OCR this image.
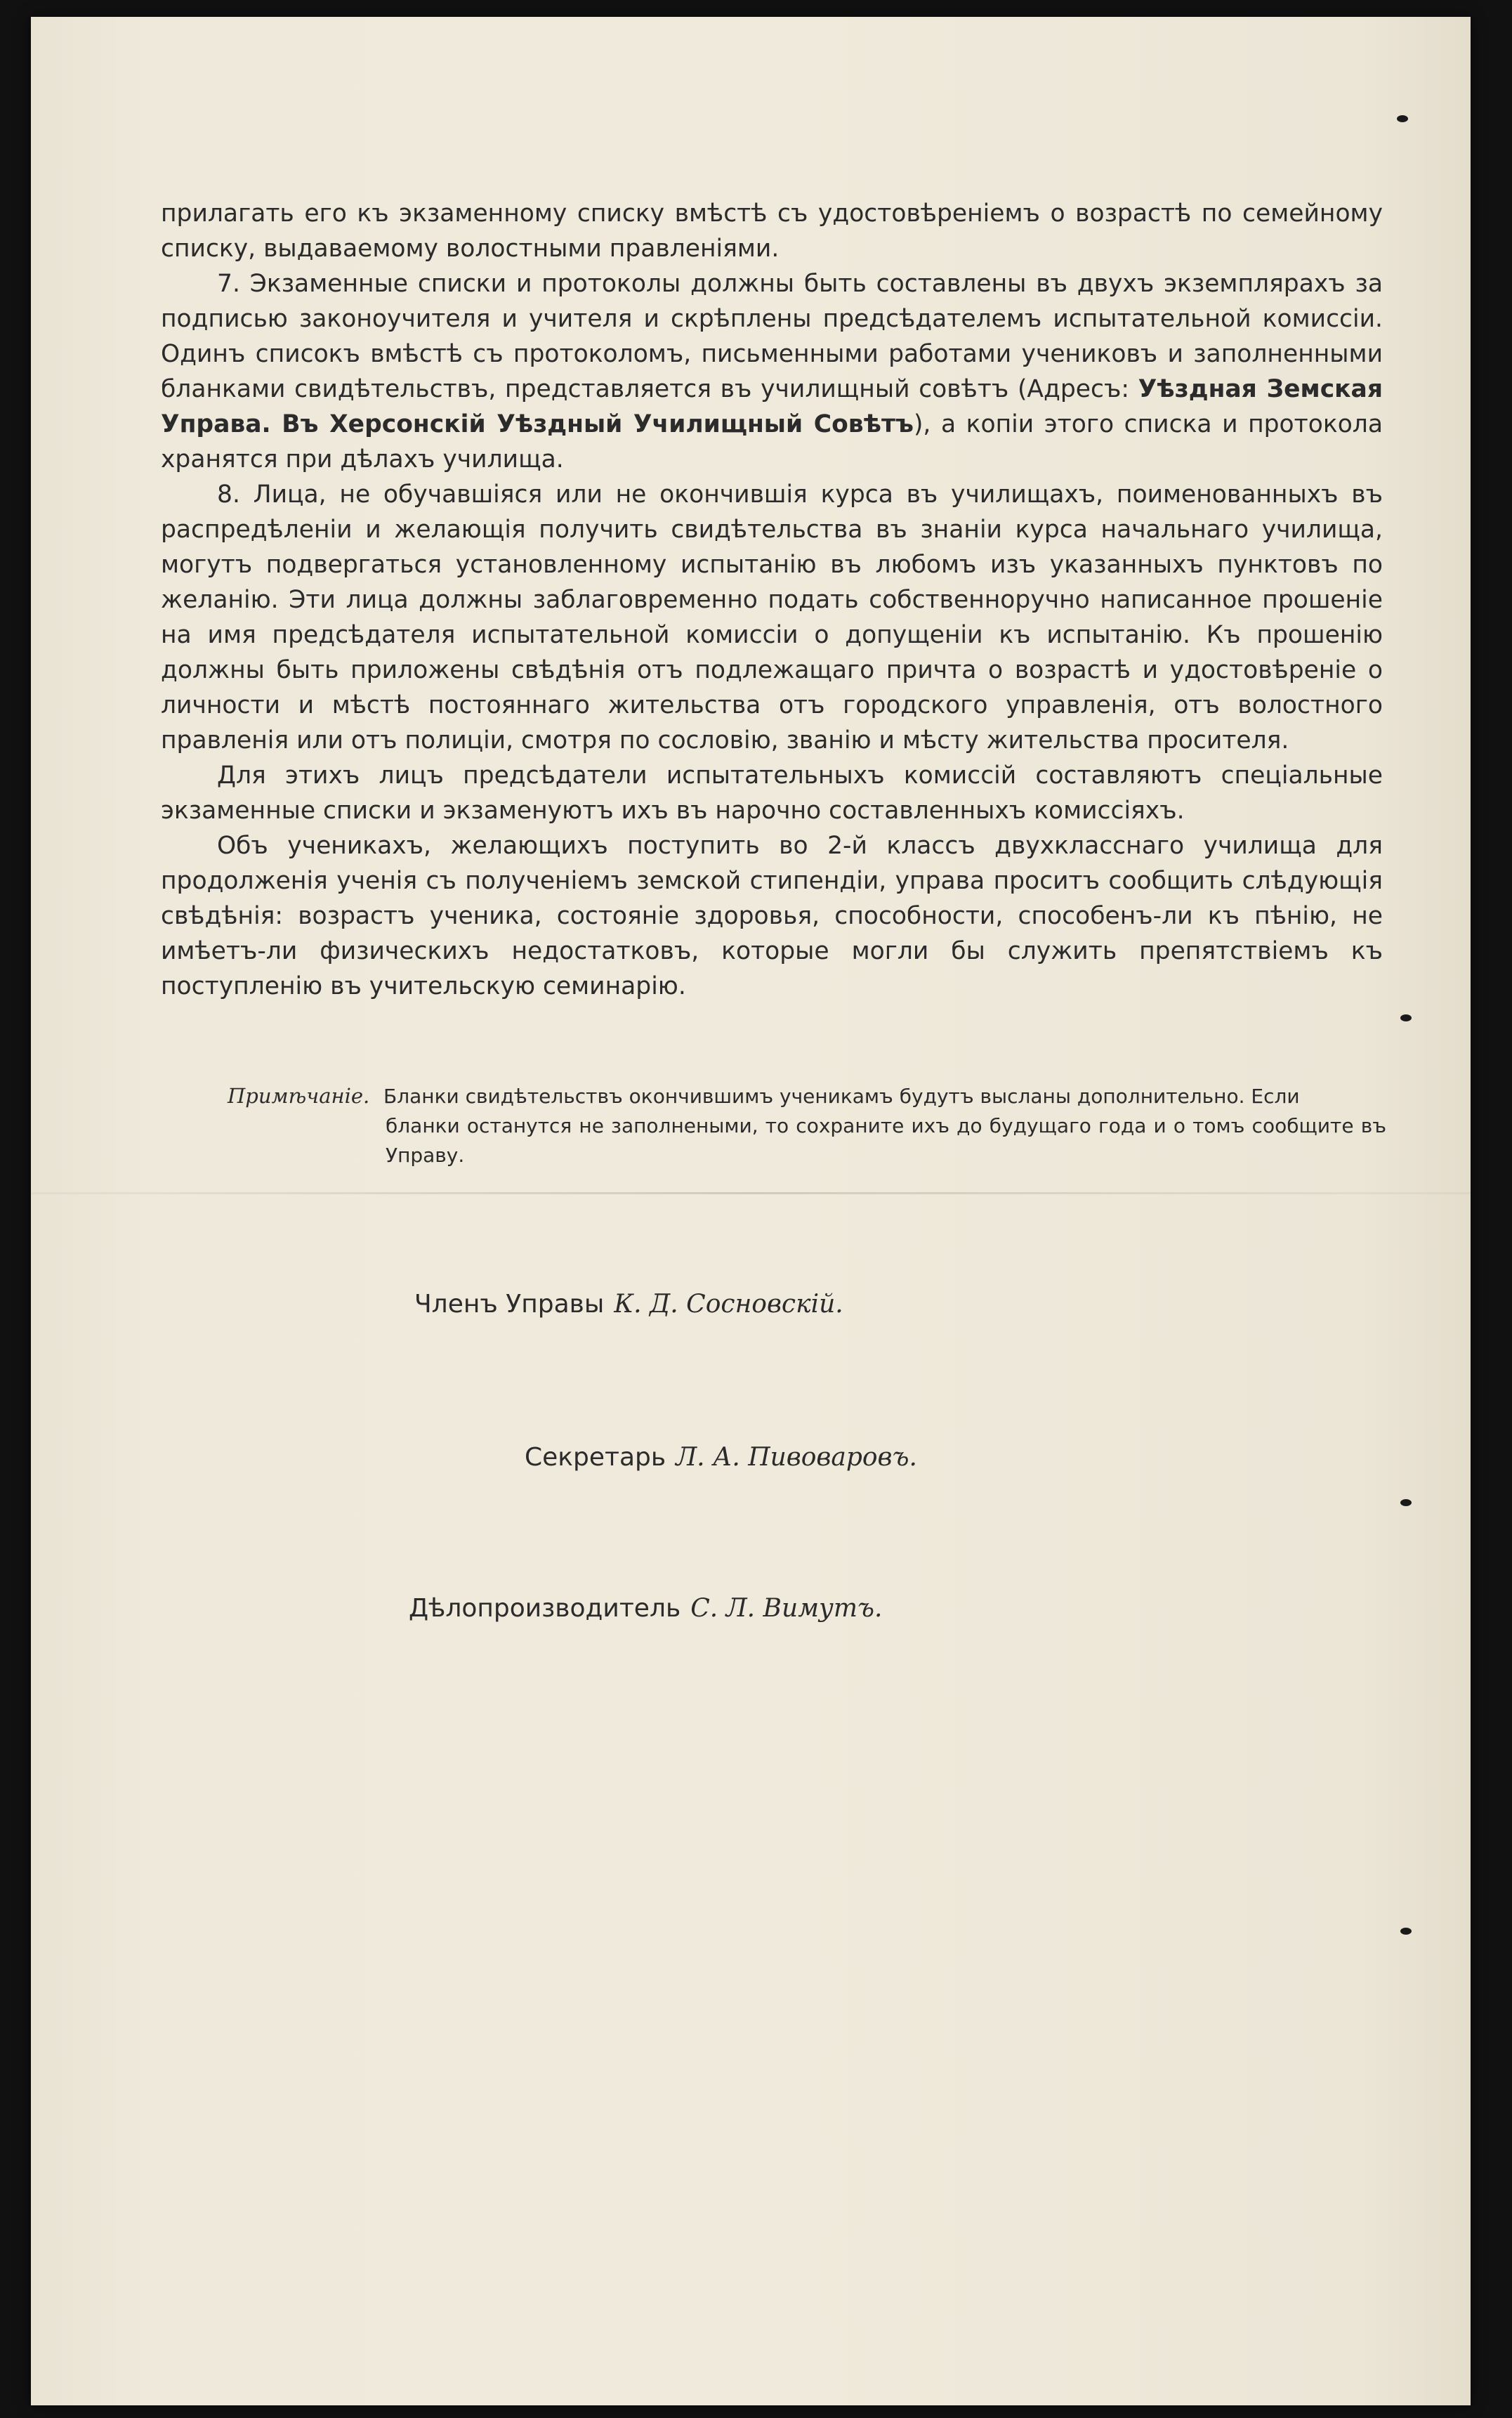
прилагать его къ экзаменному списку вмѣстѣ съ удостовѣреніемъ о возрастѣ по семейному списку, выдаваемому волостными правленіями.

7. Экзаменные списки и протоколы должны быть составлены въ двухъ экземплярахъ за подписью законоучителя и учителя и скрѣплены предсѣдателемъ испытательной комиссіи. Одинъ списокъ вмѣстѣ съ протоколомъ, письменными работами учениковъ и заполненными бланками свидѣтельствъ, представляется въ училищный совѣтъ (Адресъ: Уѣздная Земская Управа. Въ Херсонскій Уѣздный Училищный Совѣтъ), а копіи этого списка и протокола хранятся при дѣлахъ училища.

8. Лица, не обучавшіяся или не окончившія курса въ училищахъ, поименованныхъ въ распредѣленіи и желающія получить свидѣтельства въ знаніи курса начальнаго училища, могутъ подвергаться установленному испытанію въ любомъ изъ указанныхъ пунктовъ по желанію. Эти лица должны заблаговременно подать собственноручно написанное прошеніе на имя предсѣдателя испытательной комиссіи о допущеніи къ испытанію. Къ прошенію должны быть приложены свѣдѣнія отъ подлежащаго причта о возрастѣ и удостовѣреніе о личности и мѣстѣ постояннаго жительства отъ городского управленія, отъ волостного правленія или отъ полиціи, смотря по сословію, званію и мѣсту жительства просителя.

Для этихъ лицъ предсѣдатели испытательныхъ комиссій составляютъ спеціальные экзаменные списки и экзаменуютъ ихъ въ нарочно составленныхъ комиссіяхъ.

Объ ученикахъ, желающихъ поступить во 2-й классъ двухкласснаго училища для продолженія ученія съ полученіемъ земской стипендіи, управа проситъ сообщить слѣдующія свѣдѣнія: возрастъ ученика, состояніе здоровья, способности, способенъ-ли къ пѣнію, не имѣетъ-ли физическихъ недостатковъ, которые могли бы служить препятствіемъ къ поступленію въ учительскую семинарію.

Примѣчаніе. Бланки свидѣтельствъ окончившимъ ученикамъ будутъ высланы дополнительно. Если
бланки останутся не заполнеными, то сохраните ихъ до будущаго года и о томъ сообщите въ Управу.
Членъ Управы К. Д. Сосновскій.
Секретарь Л. А. Пивоваровъ.
Дѣлопроизводитель С. Л. Вимутъ.
